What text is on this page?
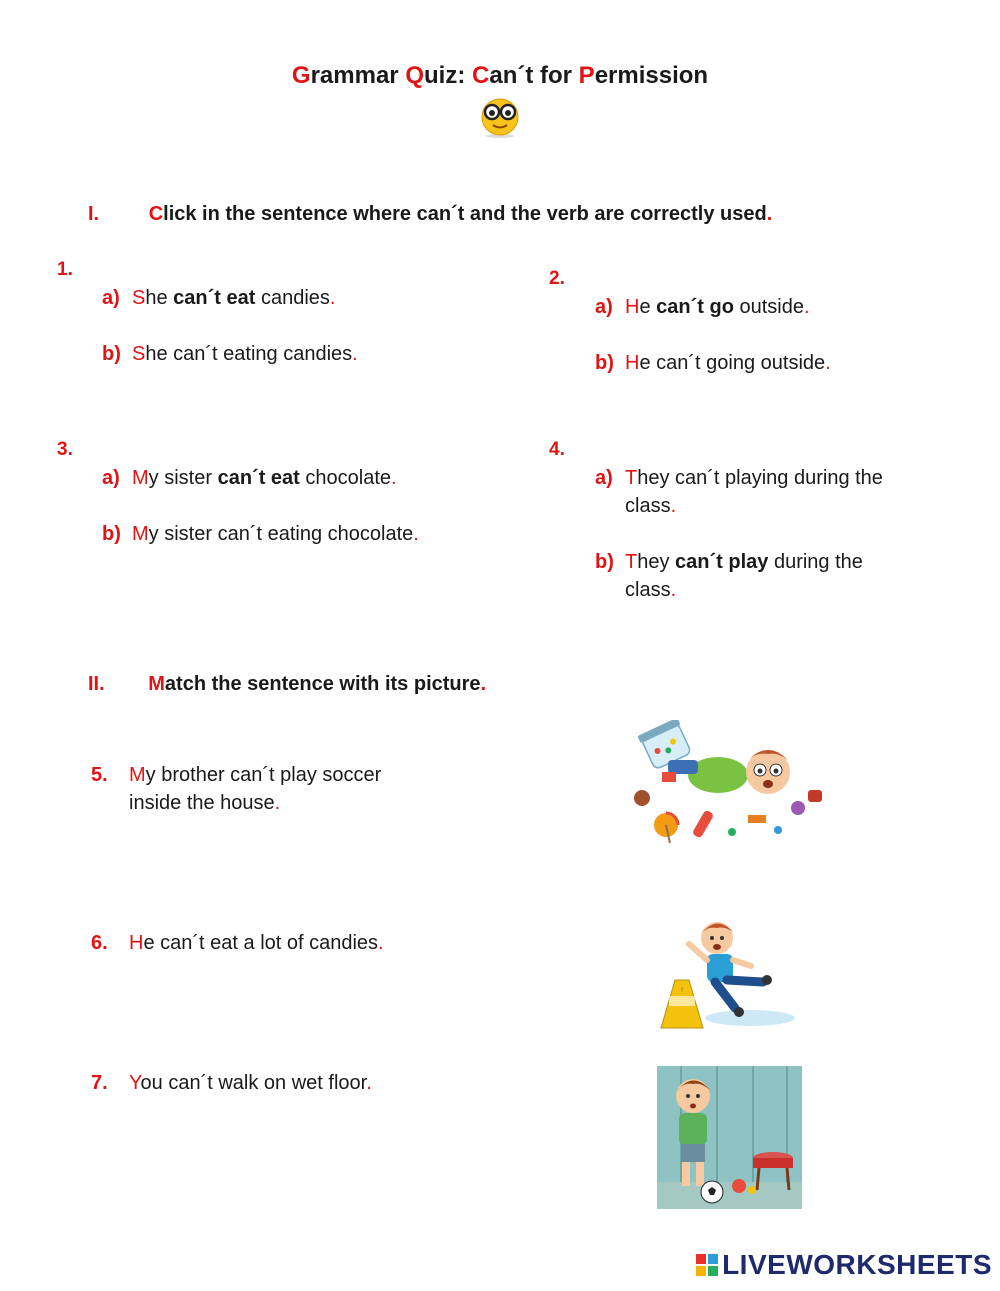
Grammar Quiz: Can´t for Permission
I. Click in the sentence where can´t and the verb are correctly used.
1.
a) She can´t eat candies.
b) She can´t eating candies.
2.
a) He can´t go outside.
b) He can´t going outside.
3.
a) My sister can´t eat chocolate.
b) My sister can´t eating chocolate.
4.
a) They can´t playing during the
class.
b) They can´t play during the
class.
II. Match the sentence with its picture.
5. My brother can´t play soccer
inside the house.
6. He can´t eat a lot of candies.
7. You can´t walk on wet floor.
!
LIVEWORKSHEETS
